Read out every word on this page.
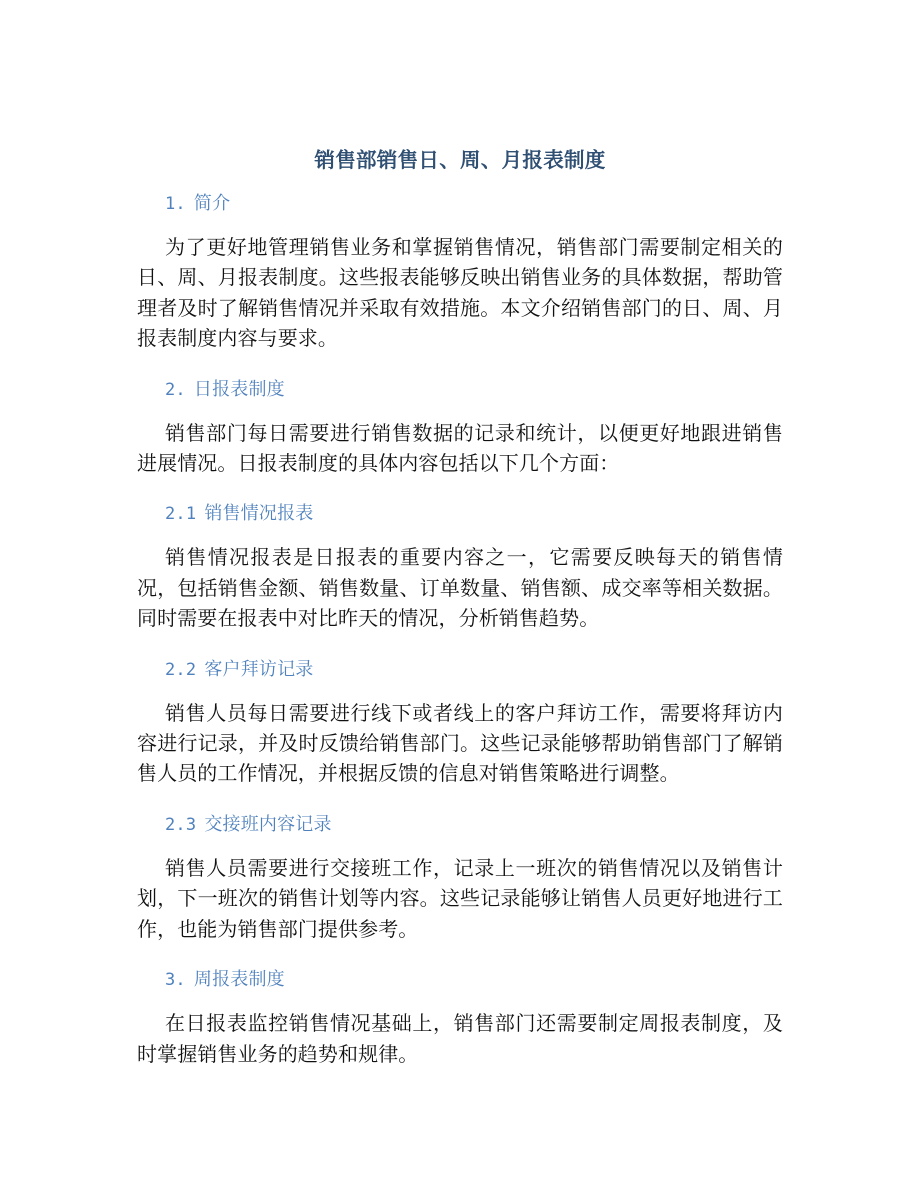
销售部销售日、周、月报表制度
1. 简介

为了更好地管理销售业务和掌握销售情况，销售部门需要制定相关的日、周、月报表制度。这些报表能够反映出销售业务的具体数据，帮助管理者及时了解销售情况并采取有效措施。本文介绍销售部门的日、周、月报表制度内容与要求。

2. 日报表制度

销售部门每日需要进行销售数据的记录和统计，以便更好地跟进销售进展情况。日报表制度的具体内容包括以下几个方面：

2.1 销售情况报表

销售情况报表是日报表的重要内容之一，它需要反映每天的销售情况，包括销售金额、销售数量、订单数量、销售额、成交率等相关数据。同时需要在报表中对比昨天的情况，分析销售趋势。

2.2 客户拜访记录

销售人员每日需要进行线下或者线上的客户拜访工作，需要将拜访内容进行记录，并及时反馈给销售部门。这些记录能够帮助销售部门了解销售人员的工作情况，并根据反馈的信息对销售策略进行调整。

2.3 交接班内容记录

销售人员需要进行交接班工作，记录上一班次的销售情况以及销售计划，下一班次的销售计划等内容。这些记录能够让销售人员更好地进行工作，也能为销售部门提供参考。

3. 周报表制度

在日报表监控销售情况基础上，销售部门还需要制定周报表制度，及时掌握销售业务的趋势和规律。
